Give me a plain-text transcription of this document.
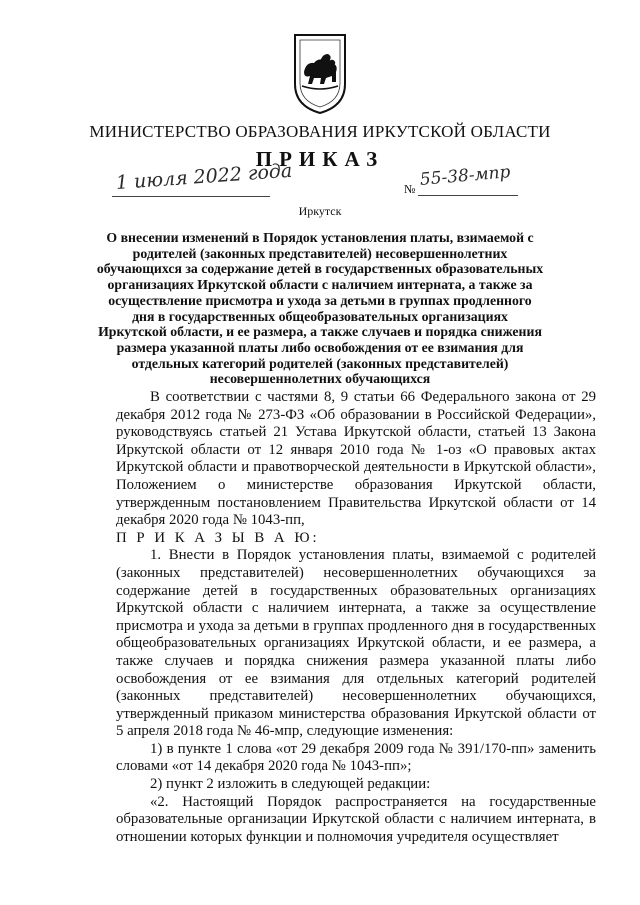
МИНИСТЕРСТВО ОБРАЗОВАНИЯ ИРКУТСКОЙ ОБЛАСТИ
ПРИКАЗ
1 июля 2022 года	№ 55-38-мпр
Иркутск
О внесении изменений в Порядок установления платы, взимаемой с родителей (законных представителей) несовершеннолетних обучающихся за содержание детей в государственных образовательных организациях Иркутской области с наличием интерната, а также за осуществление присмотра и ухода за детьми в группах продленного дня в государственных общеобразовательных организациях Иркутской области, и ее размера, а также случаев и порядка снижения размера указанной платы либо освобождения от ее взимания для отдельных категорий родителей (законных представителей) несовершеннолетних обучающихся

В соответствии с частями 8, 9 статьи 66 Федерального закона от 29 декабря 2012 года № 273-ФЗ «Об образовании в Российской Федерации», руководствуясь статьей 21 Устава Иркутской области, статьей 13 Закона Иркутской области от 12 января 2010 года № 1-оз «О правовых актах Иркутской области и правотворческой деятельности в Иркутской области», Положением о министерстве образования Иркутской области, утвержденным постановлением Правительства Иркутской области от 14 декабря 2020 года № 1043-пп,

П Р И К А З Ы В А Ю:

1. Внести в Порядок установления платы, взимаемой с родителей (законных представителей) несовершеннолетних обучающихся за содержание детей в государственных образовательных организациях Иркутской области с наличием интерната, а также за осуществление присмотра и ухода за детьми в группах продленного дня в государственных общеобразовательных организациях Иркутской области, и ее размера, а также случаев и порядка снижения размера указанной платы либо освобождения от ее взимания для отдельных категорий родителей (законных представителей) несовершеннолетних обучающихся, утвержденный приказом министерства образования Иркутской области от 5 апреля 2018 года № 46-мпр, следующие изменения:

1) в пункте 1 слова «от 29 декабря 2009 года № 391/170-пп» заменить словами «от 14 декабря 2020 года № 1043-пп»;

2) пункт 2 изложить в следующей редакции:

«2. Настоящий Порядок распространяется на государственные образовательные организации Иркутской области с наличием интерната, в отношении которых функции и полномочия учредителя осуществляет
